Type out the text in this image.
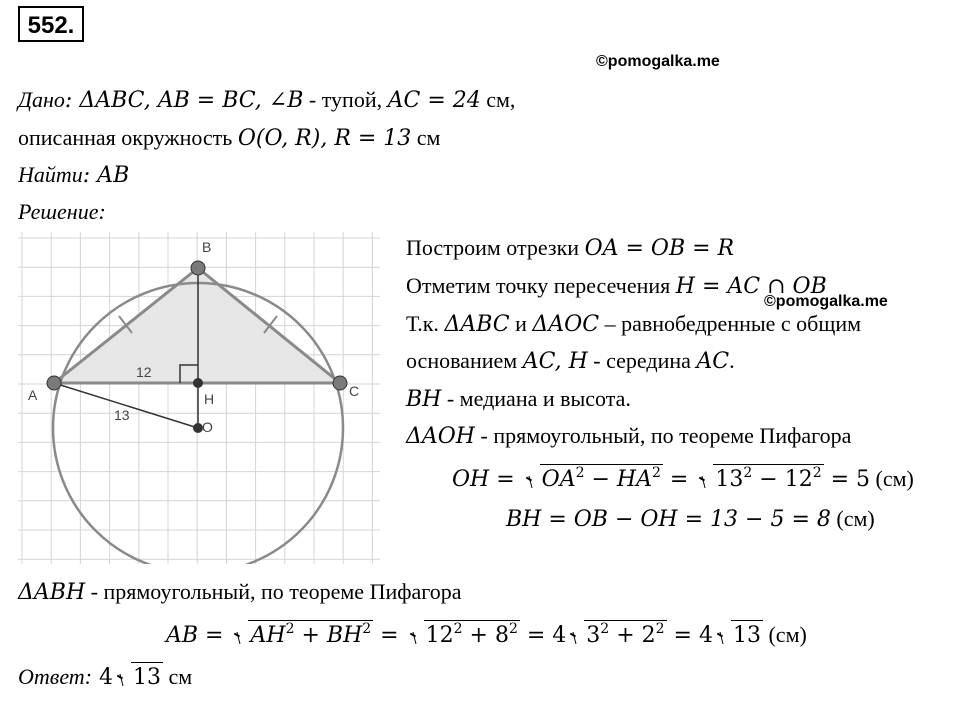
552.
©pomogalka.me
©pomogalka.me
Дано: ΔABC, AB = BC, ∠B - тупой, AC = 24 см,
описанная окружность O(O, R), R = 13 см
Найти: AB
Решение:
B
A	C
H
O
12
13
Построим отрезки OA = OB = R
Отметим точку пересечения H = AC ∩ OB
Т.к. ΔABC и ΔAOC – равнобедренные с общим
основанием AC, H - середина AC.
BH - медиана и высота.
ΔAOH - прямоугольный, по теореме Пифагора
OH = $OA^2 - HA^2 = 13^2 - 12^2 = 5$ (см)
BH = OB − OH = 13 − 5 = 8 (см)
ΔABH - прямоугольный, по теореме Пифагора
AB = $AH^2 + BH^2 = 12^2 + 8^2 = 4$ $3^2 + 2^2 = 4$ 13 (см)
Ответ: 4 13 см
